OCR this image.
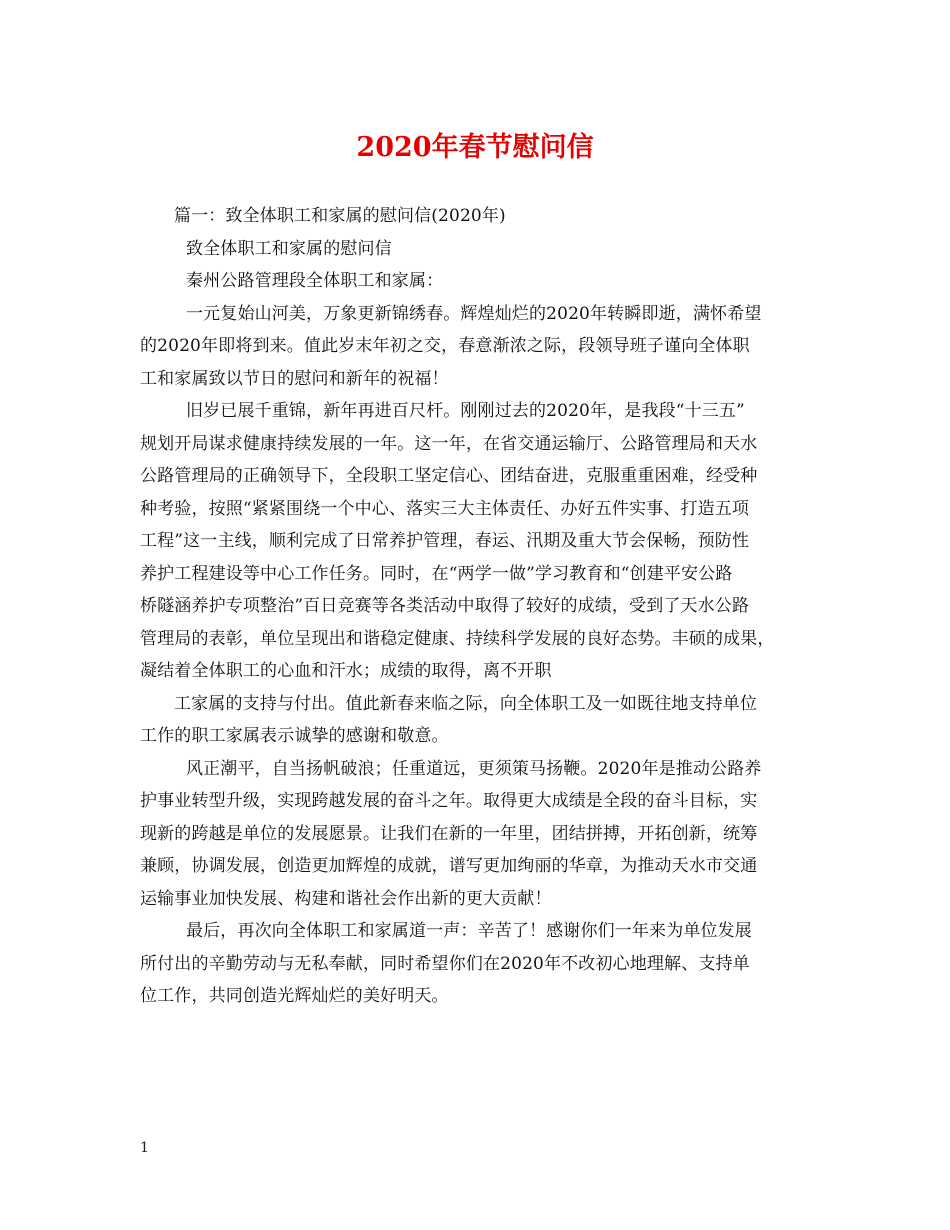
2020年春节慰问信
篇一：致全体职工和家属的慰问信(2020年)
致全体职工和家属的慰问信
秦州公路管理段全体职工和家属：
一元复始山河美，万象更新锦绣春。辉煌灿烂的2020年转瞬即逝，满怀希望
的2020年即将到来。值此岁末年初之交，春意渐浓之际，段领导班子谨向全体职
工和家属致以节日的慰问和新年的祝福！
旧岁已展千重锦，新年再进百尺杆。刚刚过去的2020年，是我段“十三五”
规划开局谋求健康持续发展的一年。这一年，在省交通运输厅、公路管理局和天水
公路管理局的正确领导下，全段职工坚定信心、团结奋进，克服重重困难，经受种
种考验，按照“紧紧围绕一个中心、落实三大主体责任、办好五件实事、打造五项
工程”这一主线，顺利完成了日常养护管理，春运、汛期及重大节会保畅，预防性
养护工程建设等中心工作任务。同时，在“两学一做”学习教育和“创建平安公路
桥隧涵养护专项整治”百日竞赛等各类活动中取得了较好的成绩，受到了天水公路
管理局的表彰，单位呈现出和谐稳定健康、持续科学发展的良好态势。丰硕的成果，
凝结着全体职工的心血和汗水；成绩的取得，离不开职
工家属的支持与付出。值此新春来临之际，向全体职工及一如既往地支持单位
工作的职工家属表示诚挚的感谢和敬意。
风正潮平，自当扬帆破浪；任重道远，更须策马扬鞭。2020年是推动公路养
护事业转型升级，实现跨越发展的奋斗之年。取得更大成绩是全段的奋斗目标，实
现新的跨越是单位的发展愿景。让我们在新的一年里，团结拼搏，开拓创新，统筹
兼顾，协调发展，创造更加辉煌的成就，谱写更加绚丽的华章，为推动天水市交通
运输事业加快发展、构建和谐社会作出新的更大贡献！
最后，再次向全体职工和家属道一声：辛苦了！感谢你们一年来为单位发展
所付出的辛勤劳动与无私奉献，同时希望你们在2020年不改初心地理解、支持单
位工作，共同创造光辉灿烂的美好明天。
1
